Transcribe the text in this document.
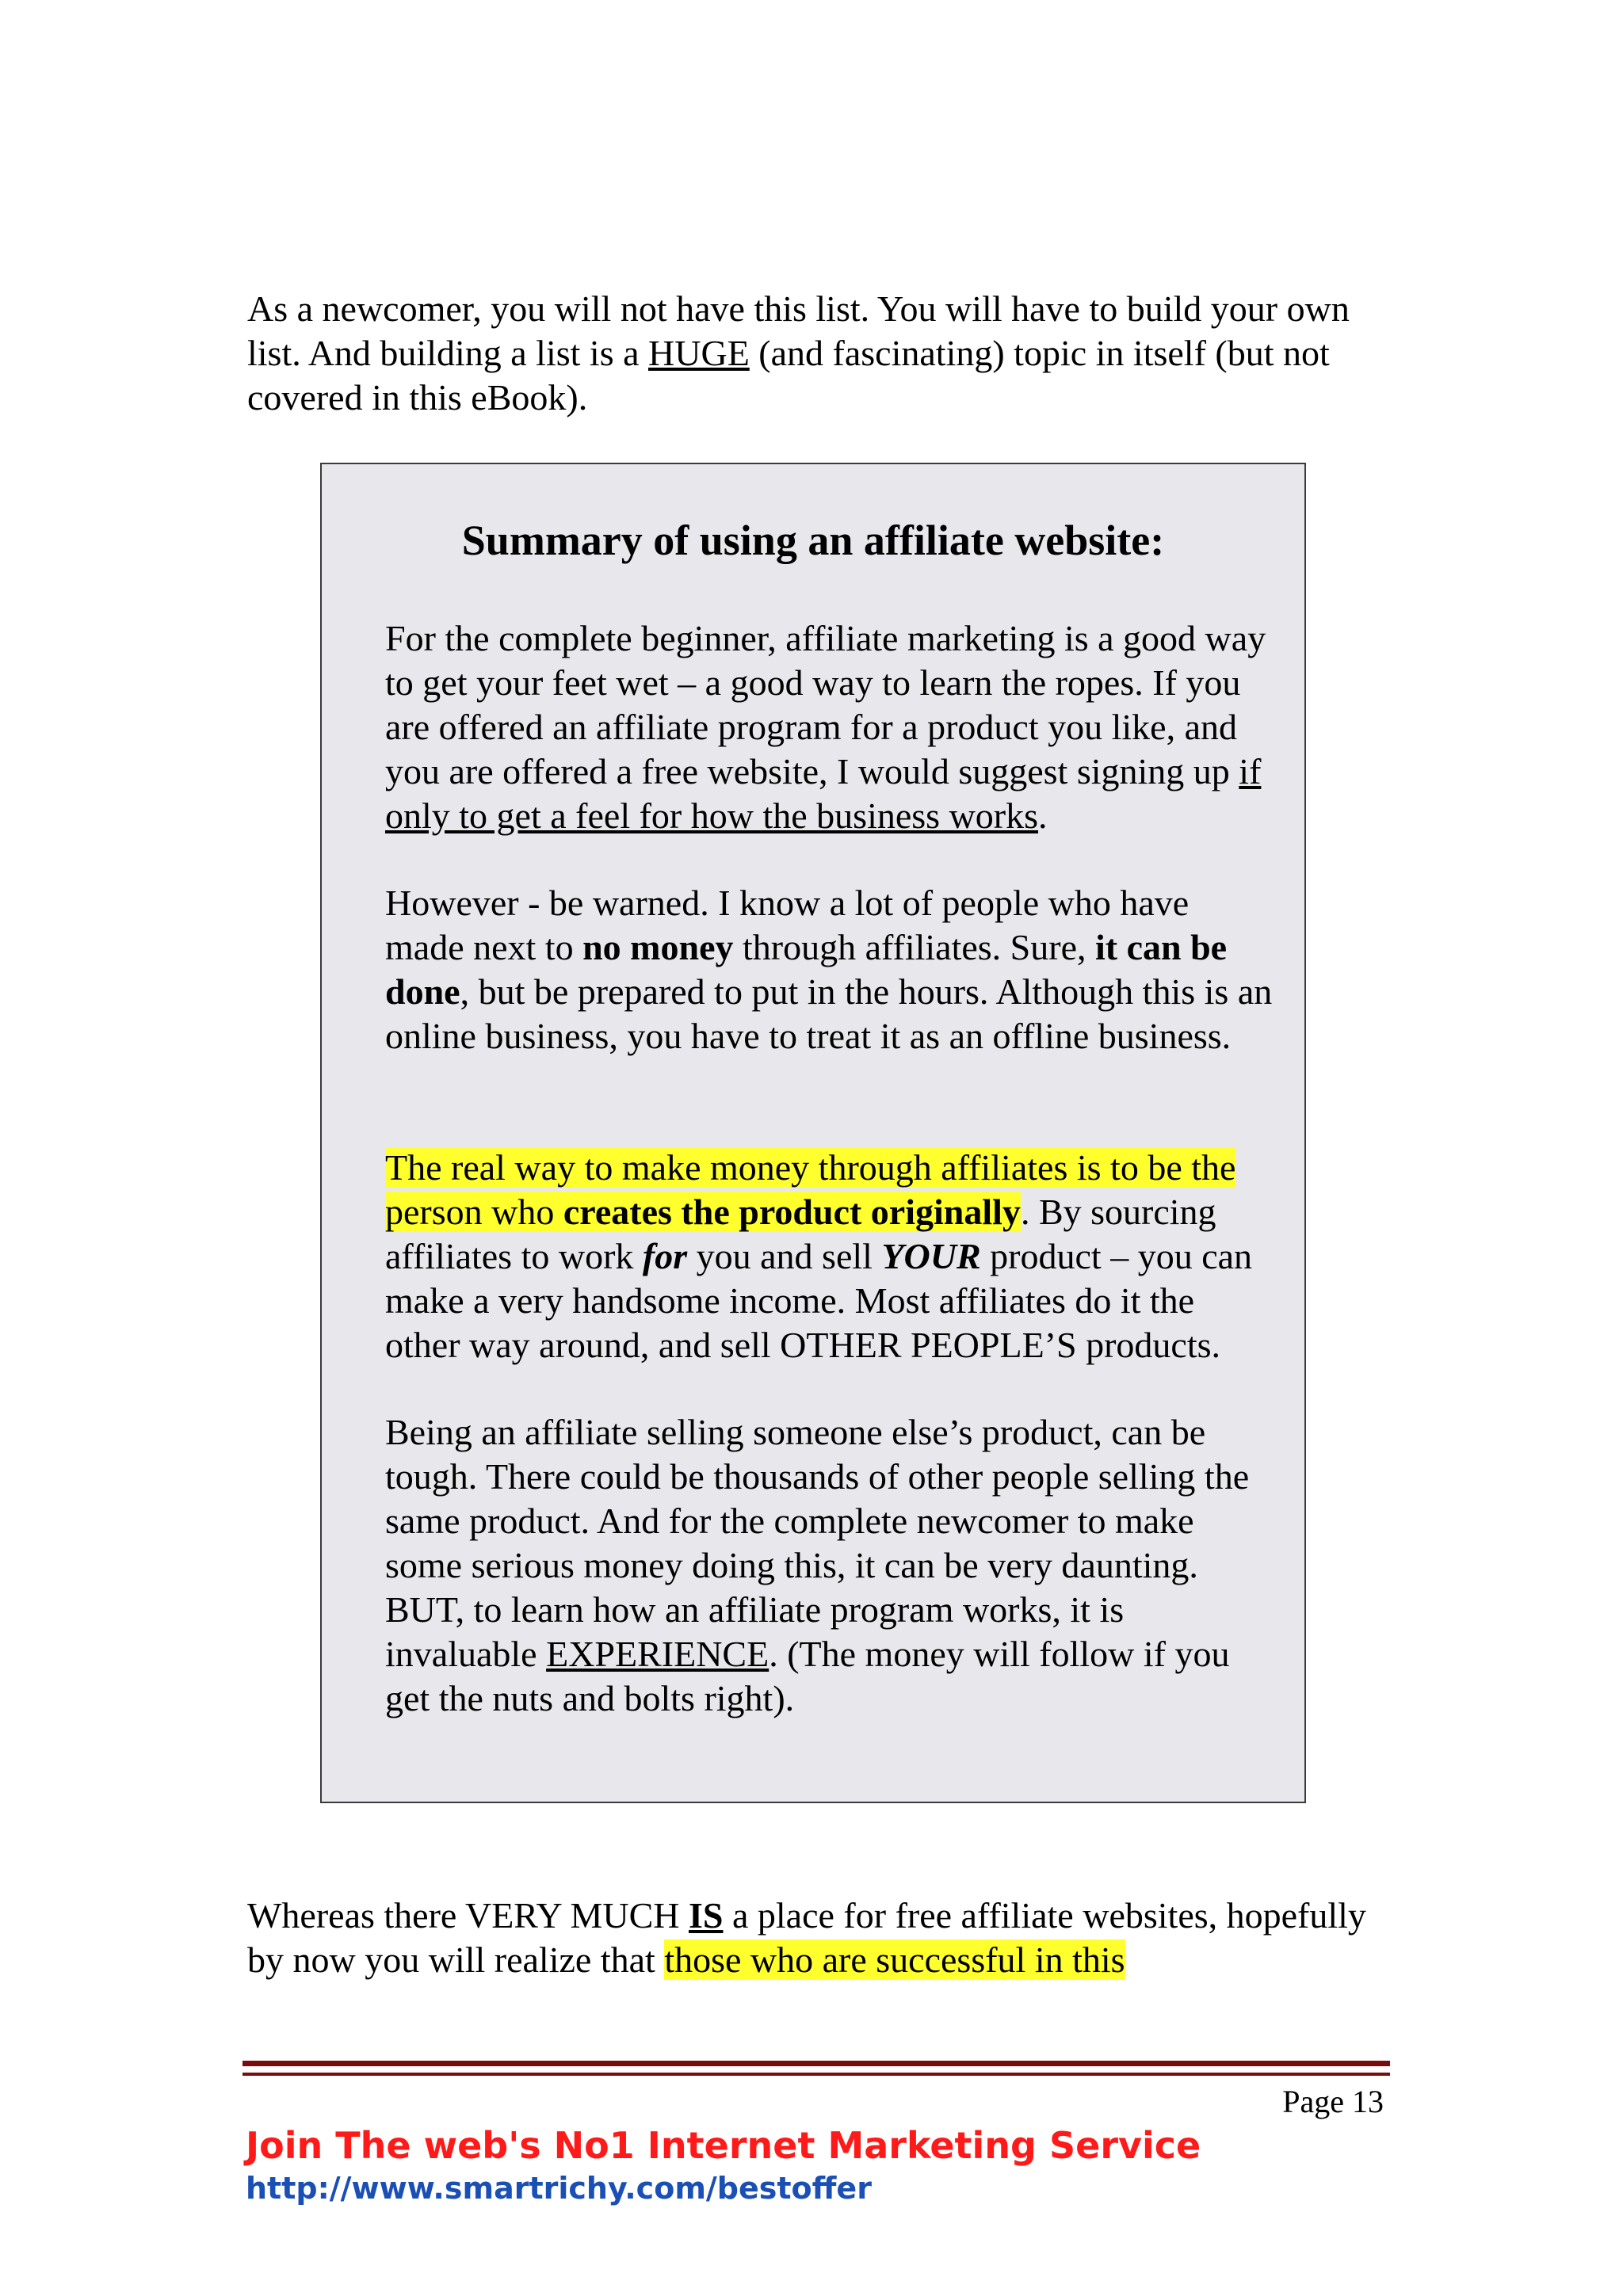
As a newcomer, you will not have this list. You will have to build your own list. And building a list is a HUGE (and fascinating) topic in itself (but not covered in this eBook).

Summary of using an affiliate website:

For the complete beginner, affiliate marketing is a good way to get your feet wet – a good way to learn the ropes. If you are offered an affiliate program for a product you like, and you are offered a free website, I would suggest signing up if only to get a feel for how the business works.

However - be warned. I know a lot of people who have made next to no money through affiliates. Sure, it can be done, but be prepared to put in the hours. Although this is an online business, you have to treat it as an offline business.

The real way to make money through affiliates is to be the person who creates the product originally. By sourcing affiliates to work for you and sell YOUR product – you can make a very handsome income. Most affiliates do it the other way around, and sell OTHER PEOPLE’S products.

Being an affiliate selling someone else’s product, can be tough. There could be thousands of other people selling the same product. And for the complete newcomer to make some serious money doing this, it can be very daunting. BUT, to learn how an affiliate program works, it is invaluable EXPERIENCE. (The money will follow if you get the nuts and bolts right).

Whereas there VERY MUCH IS a place for free affiliate websites, hopefully by now you will realize that those who are successful in this

Page 13
Join The web's No1 Internet Marketing Service
http://www.smartrichy.com/bestoffer
